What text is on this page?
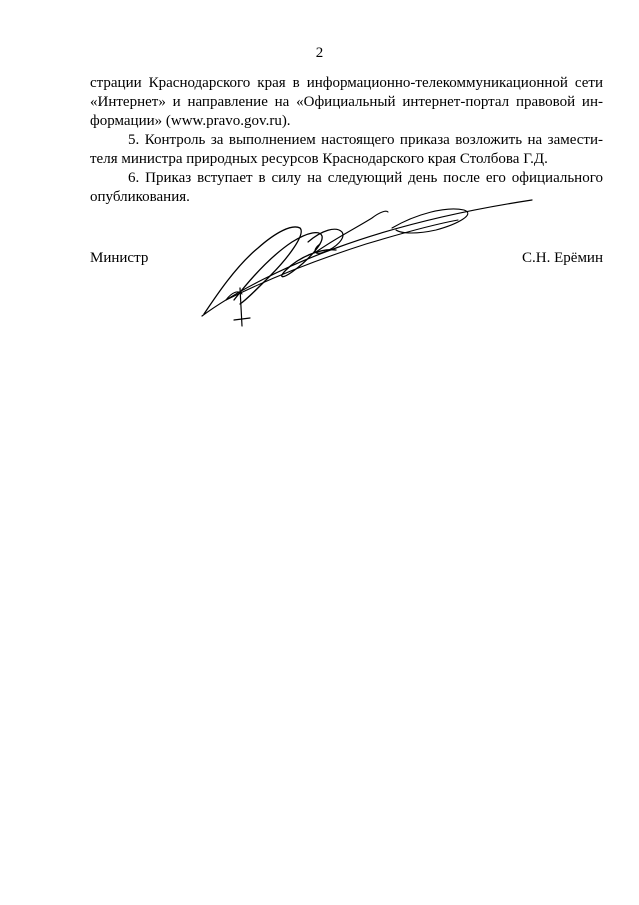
2

страции Краснодарского края в информационно-телекоммуникационной сети «Интернет» и направление на «Официальный интернет-портал правовой информации» (www.pravo.gov.ru).

5. Контроль за выполнением настоящего приказа возложить на заместителя министра природных ресурсов Краснодарского края Столбова Г.Д.

6. Приказ вступает в силу на следующий день после его официального опубликования.

Министр	С.Н. Ерёмин
